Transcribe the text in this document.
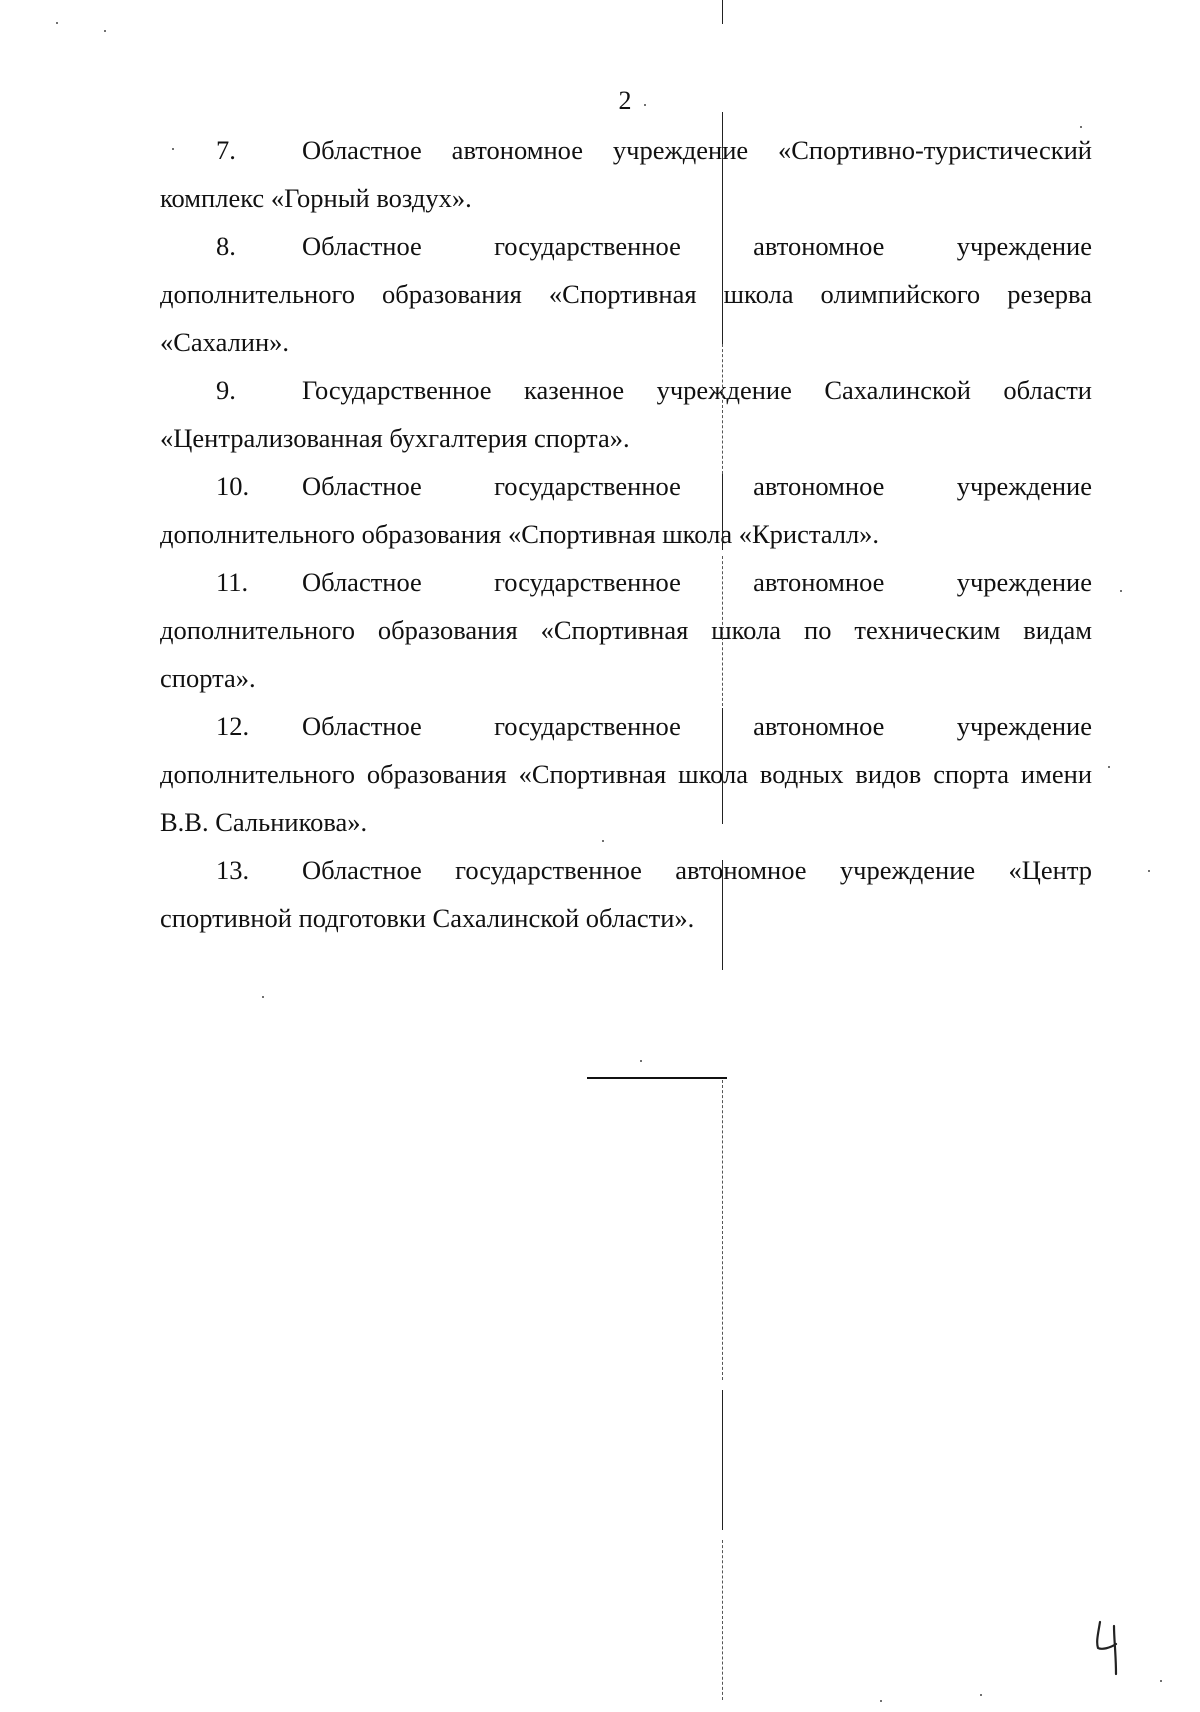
2

7. Областное автономное учреждение «Спортивно-туристический комплекс «Горный воздух».

8. Областное государственное автономное учреждение дополнительного образования «Спортивная школа олимпийского резерва «Сахалин».

9. Государственное казенное учреждение Сахалинской области «Централизованная бухгалтерия спорта».

10. Областное государственное автономное учреждение дополнительного образования «Спортивная школа «Кристалл».

11. Областное государственное автономное учреждение дополнительного образования «Спортивная школа по техническим видам спорта».

12. Областное государственное автономное учреждение дополнительного образования «Спортивная школа водных видов спорта имени В.В. Сальникова».

13. Областное государственное автономное учреждение «Центр спортивной подготовки Сахалинской области».
